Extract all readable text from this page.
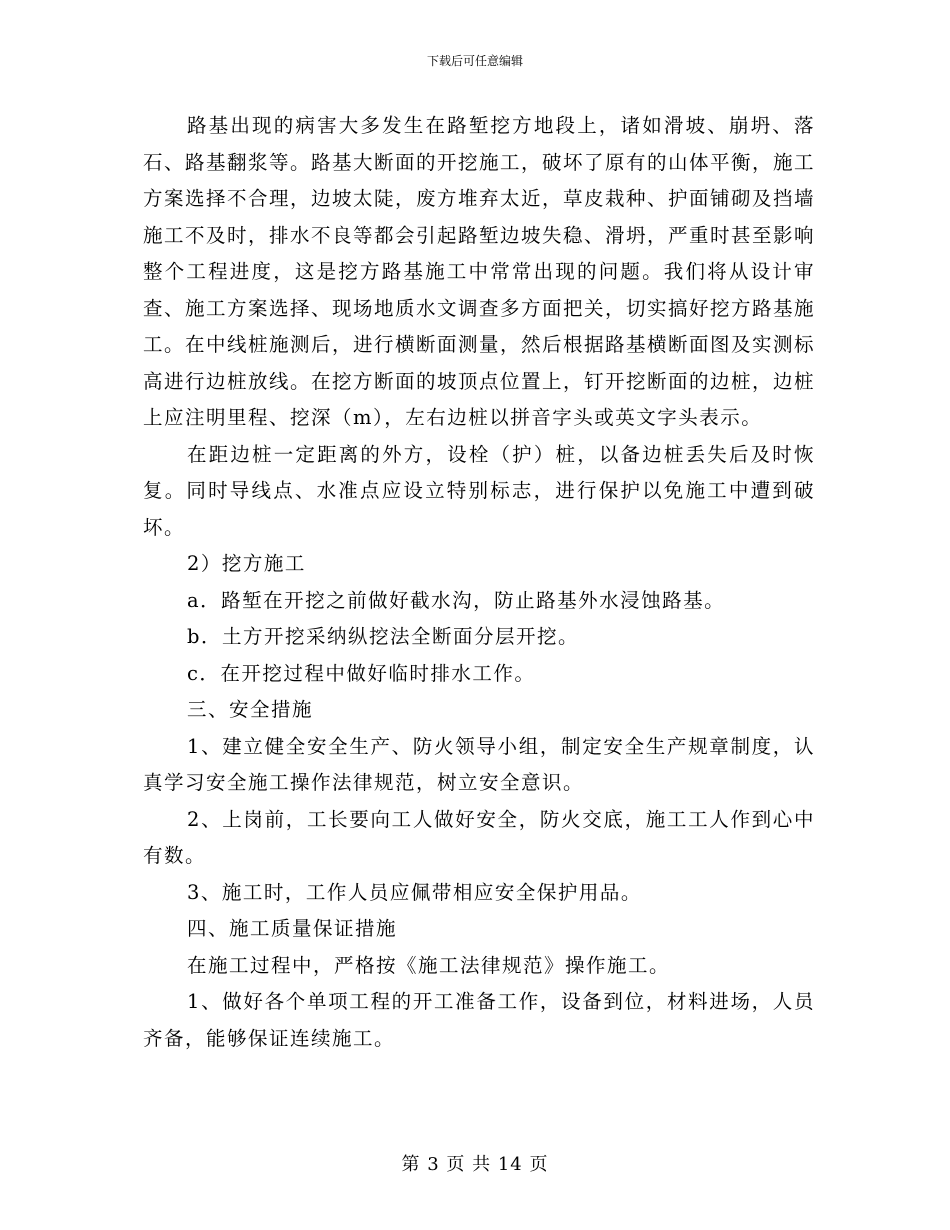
下载后可任意编辑

路基出现的病害大多发生在路堑挖方地段上，诸如滑坡、崩坍、落石、路基翻浆等。路基大断面的开挖施工，破坏了原有的山体平衡，施工方案选择不合理，边坡太陡，废方堆弃太近，草皮栽种、护面铺砌及挡墙施工不及时，排水不良等都会引起路堑边坡失稳、滑坍，严重时甚至影响整个工程进度，这是挖方路基施工中常常出现的问题。我们将从设计审查、施工方案选择、现场地质水文调查多方面把关，切实搞好挖方路基施工。在中线桩施测后，进行横断面测量，然后根据路基横断面图及实测标高进行边桩放线。在挖方断面的坡顶点位置上，钉开挖断面的边桩，边桩上应注明里程、挖深（m），左右边桩以拼音字头或英文字头表示。

在距边桩一定距离的外方，设栓（护）桩，以备边桩丢失后及时恢复。同时导线点、水准点应设立特别标志，进行保护以免施工中遭到破坏。

2）挖方施工

a．路堑在开挖之前做好截水沟，防止路基外水浸蚀路基。

b．土方开挖采纳纵挖法全断面分层开挖。

c．在开挖过程中做好临时排水工作。

三、安全措施

1、建立健全安全生产、防火领导小组，制定安全生产规章制度，认真学习安全施工操作法律规范，树立安全意识。

2、上岗前，工长要向工人做好安全，防火交底，施工工人作到心中有数。

3、施工时，工作人员应佩带相应安全保护用品。

四、施工质量保证措施

在施工过程中，严格按《施工法律规范》操作施工。

1、做好各个单项工程的开工准备工作，设备到位，材料进场，人员齐备，能够保证连续施工。

第 3 页 共 14 页
